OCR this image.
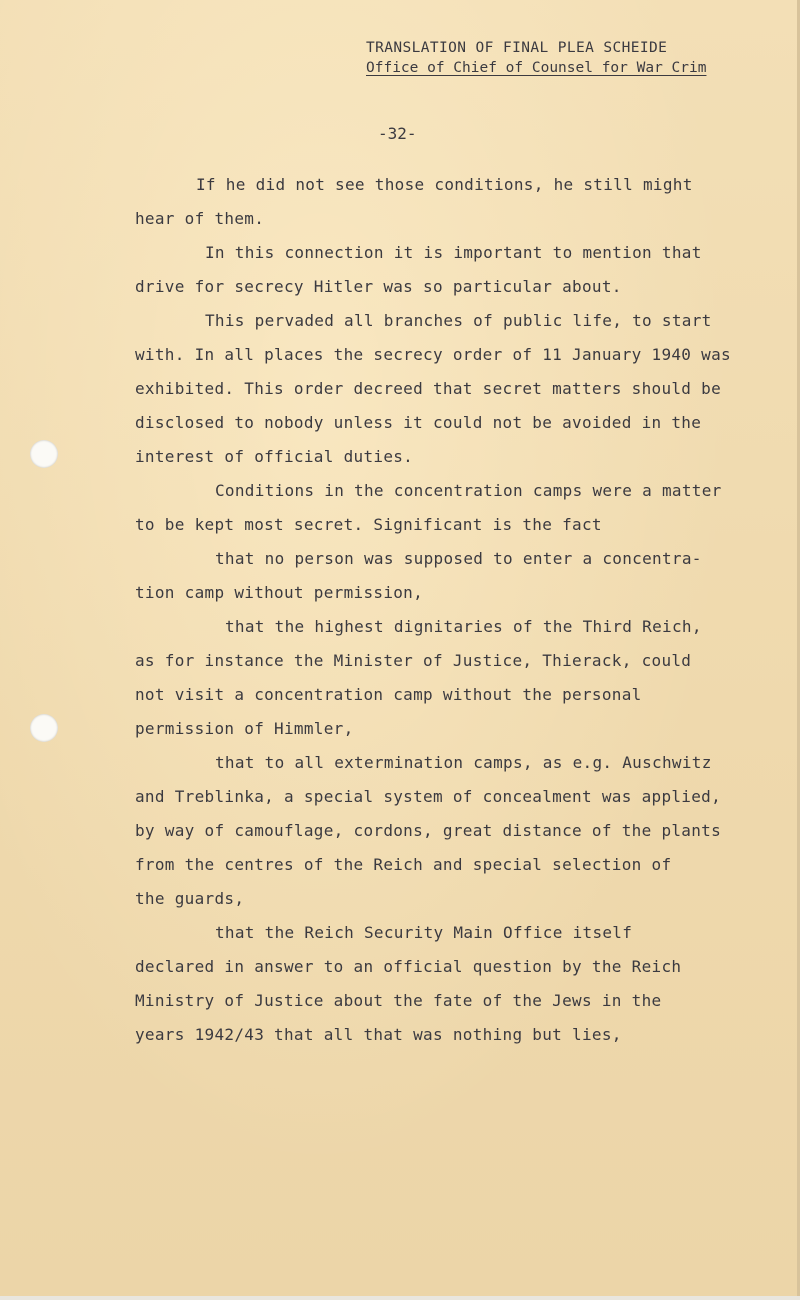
TRANSLATION OF FINAL PLEA SCHEIDE
Office of Chief of Counsel for War Crim
-32-
If he did not see those conditions, he still might
hear of them.
In this connection it is important to mention that
drive for secrecy Hitler was so particular about.
This pervaded all branches of public life, to start
with. In all places the secrecy order of 11 January 1940 was
exhibited. This order decreed that secret matters should be
disclosed to nobody unless it could not be avoided in the
interest of official duties.
Conditions in the concentration camps were a matter
to be kept most secret. Significant is the fact
that no person was supposed to enter a concentra-
tion camp without permission,
that the highest dignitaries of the Third Reich,
as for instance the Minister of Justice, Thierack, could
not visit a concentration camp without the personal
permission of Himmler,
that to all extermination camps, as e.g. Auschwitz
and Treblinka, a special system of concealment was applied,
by way of camouflage, cordons, great distance of the plants
from the centres of the Reich and special selection of
the guards,
that the Reich Security Main Office itself
declared in answer to an official question by the Reich
Ministry of Justice about the fate of the Jews in the
years 1942/43 that all that was nothing but lies,
